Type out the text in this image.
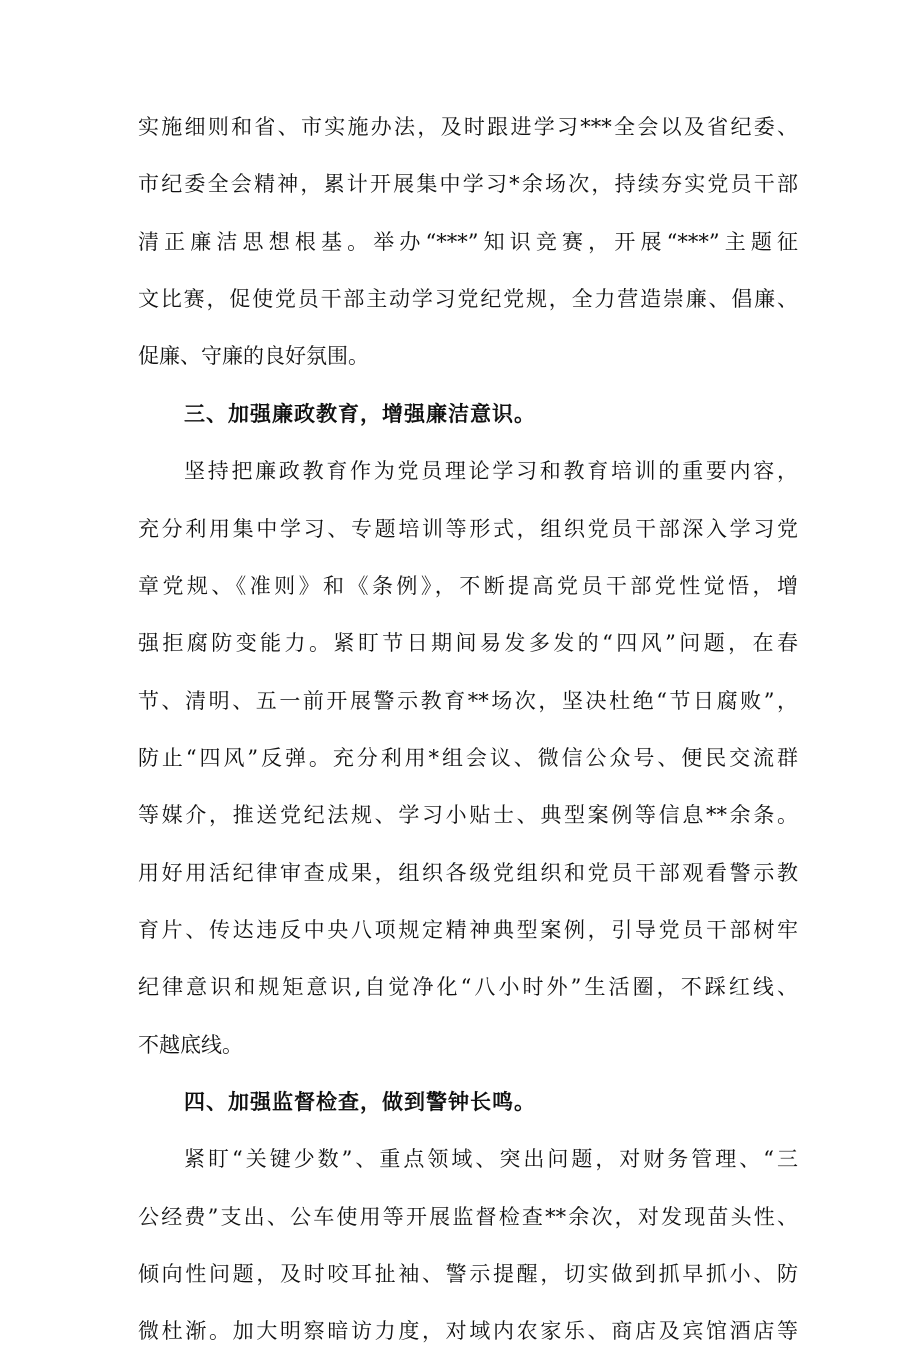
实施细则和省、市实施办法，及时跟进学习***全会以及省纪委、
市纪委全会精神，累计开展集中学习*余场次，持续夯实党员干部
清正廉洁思想根基。举办“***”知识竞赛，开展“***”主题征
文比赛，促使党员干部主动学习党纪党规，全力营造崇廉、倡廉、
促廉、守廉的良好氛围。
三、加强廉政教育，增强廉洁意识。
坚持把廉政教育作为党员理论学习和教育培训的重要内容，
充分利用集中学习、专题培训等形式，组织党员干部深入学习党
章党规、《准则》和《条例》，不断提高党员干部党性觉悟，增
强拒腐防变能力。紧盯节日期间易发多发的“四风”问题，在春
节、清明、五一前开展警示教育**场次，坚决杜绝“节日腐败”，
防止“四风”反弹。充分利用*组会议、微信公众号、便民交流群
等媒介，推送党纪法规、学习小贴士、典型案例等信息**余条。
用好用活纪律审查成果，组织各级党组织和党员干部观看警示教
育片、传达违反中央八项规定精神典型案例，引导党员干部树牢
纪律意识和规矩意识,自觉净化“八小时外”生活圈，不踩红线、
不越底线。
四、加强监督检查，做到警钟长鸣。
紧盯“关键少数”、重点领域、突出问题，对财务管理、“三
公经费”支出、公车使用等开展监督检查**余次，对发现苗头性、
倾向性问题，及时咬耳扯袖、警示提醒，切实做到抓早抓小、防
微杜渐。加大明察暗访力度，对域内农家乐、商店及宾馆酒店等
